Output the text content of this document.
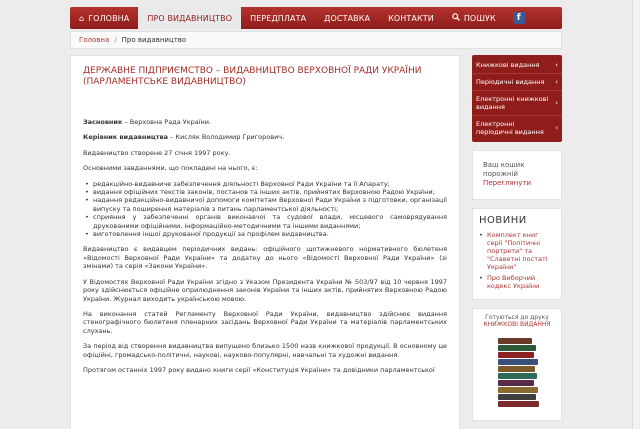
⌂ ГОЛОВНА ПРО ВИДАВНИЦТВО ПЕРЕДПЛАТА ДОСТАВКА КОНТАКТИ	ПОШУК	f
Головна / Про видавництво
ДЕРЖАВНЕ ПІДПРИЄМСТВО – ВИДАВНИЦТВО ВЕРХОВНОЇ РАДИ УКРАЇНИ (ПАРЛАМЕНТСЬКЕ ВИДАВНИЦТВО)
Засновник – Верховна Рада України.
Керівник видавництва – Кисляк Володимир Григорович.
Видавництво створене 27 січня 1997 року.
Основними завданнями, що покладені на нього, є:
• редакційно-видавниче забезпечення діяльності Верховної Ради України та її Апарату;
• видання офіційних текстів законів, постанов та інших актів, прийнятих Верховною Радою України;
• надання редакційно-видавничої допомоги комітетам Верховної Ради України з підготовки, організації випуску та поширення матеріалів з питань парламентської діяльності;
• сприяння у забезпеченні органів виконавчої та судової влади, місцевого самоврядування друкованими офіційними, інформаційно-методичними та іншими виданнями;
• виготовлення іншої друкованої продукції за профілем видавництва.
Видавництво є видавцем періодичних видань: офіційного щотижневого нормативного бюлетеня «Відомості Верховної Ради України» та додатку до нього «Відомості Верховної Ради України» (зі змінами) та серія «Закони України».
У Відомостях Верховної Ради України згідно з Указом Президента України № 503/97 від 10 червня 1997 року здійснюється офіційне оприлюднення законів України та інших актів, прийнятих Верховною Радою України. Журнал виходить українською мовою.
На виконання статей Регламенту Верховної Ради України, видавництво здійснює видання стенографічного бюлетеня пленарних засідань Верховної Ради України та матеріалів парламентських слухань.
За період від створення видавництва випущено близько 1500 назв книжкової продукції. В основному це офіційні, громадсько-політичні, наукові, науково-популярні, навчальні та художні видання.
Протягом останніх 1997 року видано книги серії «Конституція України» та довідники парламентської
Книжкові видання ‹
Періодичні видання ‹
Електронні книжкові видання	‹
Електронні періодичні видання ‹
Ваш кошик порожній
Переглянути
НОВИНИ
• Комплект книг серії "Політичні портрети" та "Славетні постаті України"
• Про Виборчий кодекс України
Готуються до друку
КНИЖКОВІ ВИДАННЯ
